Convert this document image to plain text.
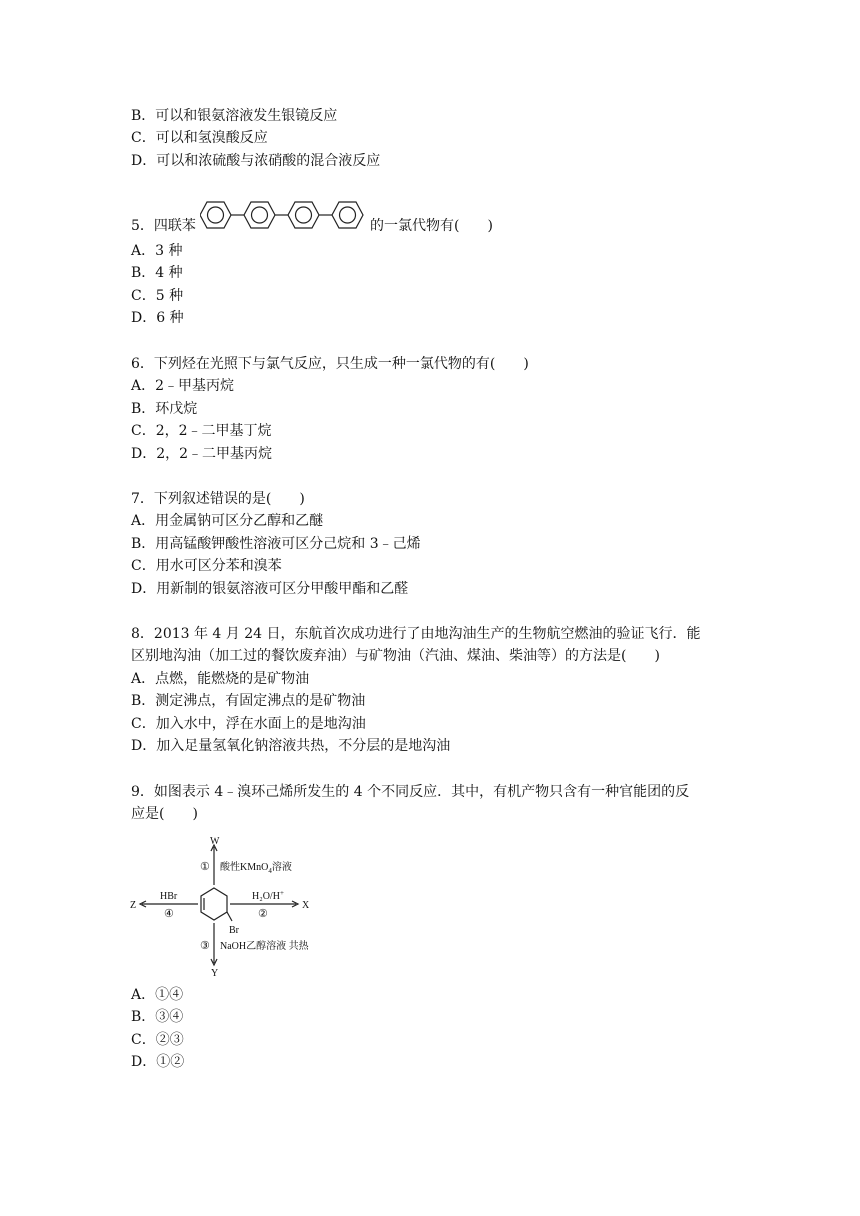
B．可以和银氨溶液发生银镜反应
C．可以和氢溴酸反应
D．可以和浓硫酸与浓硝酸的混合液反应
5．四联苯	的一氯代物有(　　)
A．3 种
B．4 种
C．5 种
D．6 种
6．下列烃在光照下与氯气反应，只生成一种一氯代物的有(　　)
A．2﹣甲基丙烷
B．环戊烷
C．2，2﹣二甲基丁烷
D．2，2﹣二甲基丙烷
7．下列叙述错误的是(　　)
A．用金属钠可区分乙醇和乙醚
B．用高锰酸钾酸性溶液可区分己烷和 3﹣己烯
C．用水可区分苯和溴苯
D．用新制的银氨溶液可区分甲酸甲酯和乙醛
8．2013 年 4 月 24 日，东航首次成功进行了由地沟油生产的生物航空燃油的验证飞行．能
区别地沟油（加工过的餐饮废弃油）与矿物油（汽油、煤油、柴油等）的方法是(　　)
A．点燃，能燃烧的是矿物油
B．测定沸点，有固定沸点的是矿物油
C．加入水中，浮在水面上的是地沟油
D．加入足量氢氧化钠溶液共热，不分层的是地沟油
9．如图表示 4﹣溴环己烯所发生的 4 个不同反应．其中，有机产物只含有一种官能团的反
应是(　　)
W
① 酸性KMnO$_4$溶液
H₂O/H+
②
X
Br
③ NaOH乙醇溶液 共热
Y
Z
HBr
④
A．①④
B．③④
C．②③
D．①②
